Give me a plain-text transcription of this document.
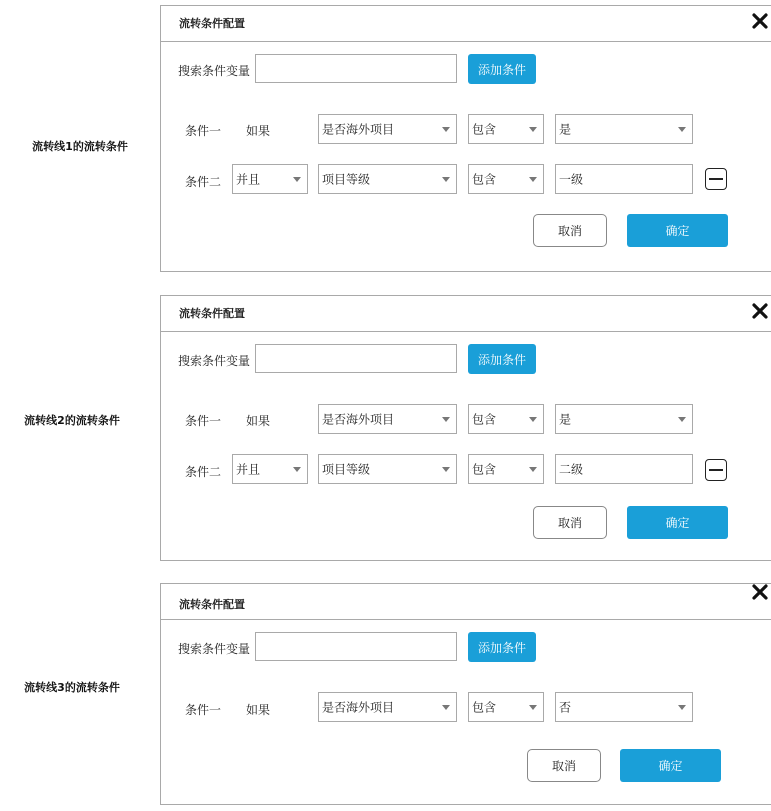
流转线1的流转条件
流转条件配置
搜索条件变量	添加条件
条件一 如果	是否海外项目	包含	是
条件二 并且	项目等级	包含	一级
取消	确定
流转线2的流转条件
流转条件配置
搜索条件变量	添加条件
条件一 如果	是否海外项目	包含	是
条件二 并且	项目等级	包含	二级
取消	确定
流转线3的流转条件
流转条件配置
搜索条件变量	添加条件
条件一 如果	是否海外项目	包含	否
取消	确定
